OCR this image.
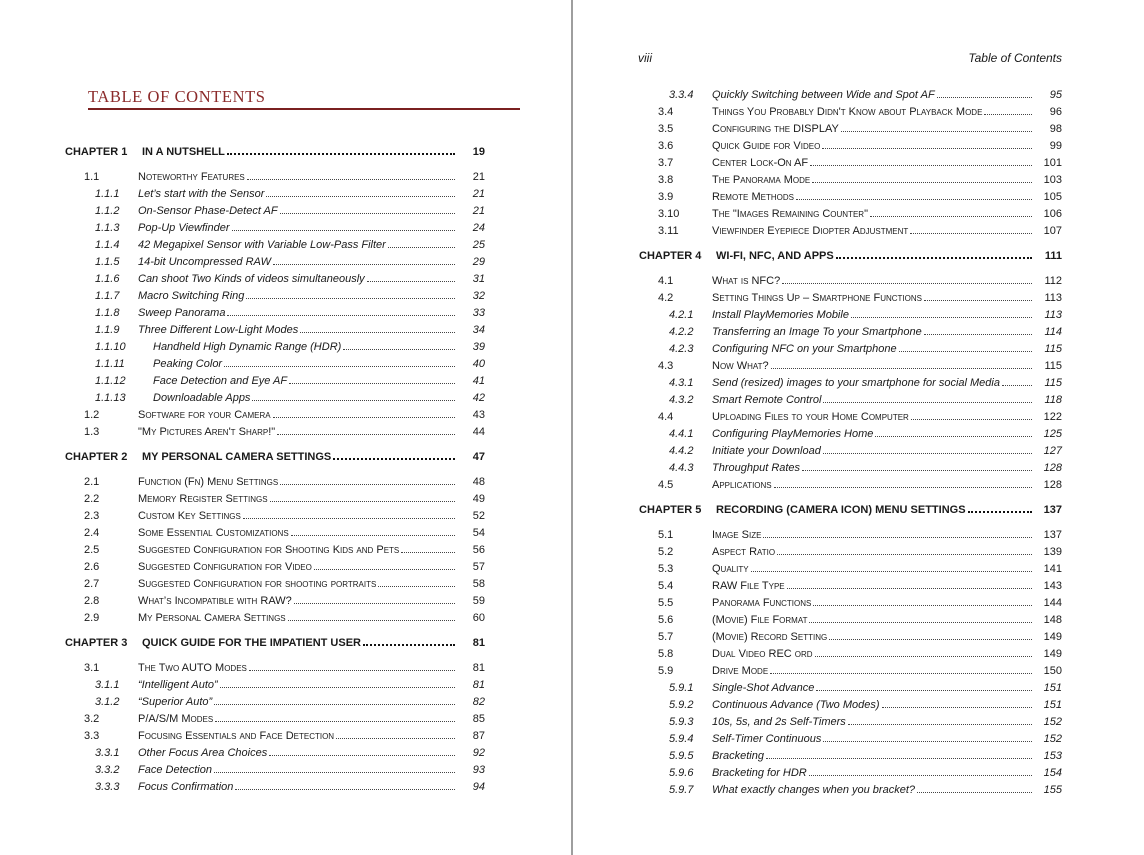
TABLE OF CONTENTS
CHAPTER 1 IN A NUTSHELL	19
1.1	Noteworthy Features	21
1.1.1 Let’s start with the Sensor	21
1.1.2 On-Sensor Phase-Detect AF	21
1.1.3 Pop-Up Viewfinder	24
1.1.4 42 Megapixel Sensor with Variable Low-Pass Filter	25
1.1.5 14-bit Uncompressed RAW	29
1.1.6 Can shoot Two Kinds of videos simultaneously	31
1.1.7 Macro Switching Ring	32
1.1.8 Sweep Panorama	33
1.1.9 Three Different Low-Light Modes	34
1.1.10 Handheld High Dynamic Range (HDR)	39
1.1.11	Peaking Color	40
1.1.12 Face Detection and Eye AF	41
1.1.13 Downloadable Apps	42
1.2	Software for your Camera	43
1.3	"My Pictures Aren't Sharp!"	44
CHAPTER 2 MY PERSONAL CAMERA SETTINGS	47
2.1	Function (Fn) Menu Settings	48
2.2	Memory Register Settings	49
2.3	Custom Key Settings	52
2.4	Some Essential Customizations	54
2.5	Suggested Configuration for Shooting Kids and Pets	56
2.6	Suggested Configuration for Video	57
2.7	Suggested Configuration for shooting portraits	58
2.8	What’s Incompatible with RAW?	59
2.9	My Personal Camera Settings	60
CHAPTER 3 QUICK GUIDE FOR THE IMPATIENT USER	81
3.1	The Two AUTO Modes	81
3.1.1 “Intelligent Auto”	81
3.1.2 “Superior Auto”	82
3.2	P/A/S/M Modes	85
3.3	Focusing Essentials and Face Detection	87
3.3.1 Other Focus Area Choices	92
3.3.2 Face Detection	93
3.3.3 Focus Confirmation	94
viii	Table of Contents
3.3.4 Quickly Switching between Wide and Spot AF	95
3.4	Things You Probably Didn't Know about Playback Mode	96
3.5	Configuring the DISPLAY	98
3.6	Quick Guide for Video	99
3.7	Center Lock-On AF	101
3.8	The Panorama Mode	103
3.9	Remote Methods	105
3.10	The "Images Remaining Counter"	106
3.11	Viewfinder Eyepiece Diopter Adjustment	107
CHAPTER 4 WI-FI, NFC, AND APPS	111
4.1	What is NFC?	112
4.2	Setting Things Up – Smartphone Functions	113
4.2.1 Install PlayMemories Mobile	113
4.2.2 Transferring an Image To your Smartphone	114
4.2.3 Configuring NFC on your Smartphone	115
4.3	Now What?	115
4.3.1 Send (resized) images to your smartphone for social Media	115
4.3.2 Smart Remote Control	118
4.4	Uploading Files to your Home Computer	122
4.4.1 Configuring PlayMemories Home	125
4.4.2 Initiate your Download	127
4.4.3 Throughput Rates	128
4.5	Applications	128
CHAPTER 5 RECORDING (CAMERA ICON) MENU SETTINGS	137
5.1	Image Size	137
5.2	Aspect Ratio	139
5.3	Quality	141
5.4	RAW File Type	143
5.5	Panorama Functions	144
5.6	(Movie) File Format	148
5.7	(Movie) Record Setting	149
5.8	Dual Video REC ord	149
5.9	Drive Mode	150
5.9.1 Single-Shot Advance	151
5.9.2 Continuous Advance (Two Modes)	151
5.9.3 10s, 5s, and 2s Self-Timers	152
5.9.4 Self-Timer Continuous	152
5.9.5 Bracketing	153
5.9.6 Bracketing for HDR	154
5.9.7 What exactly changes when you bracket?	155
